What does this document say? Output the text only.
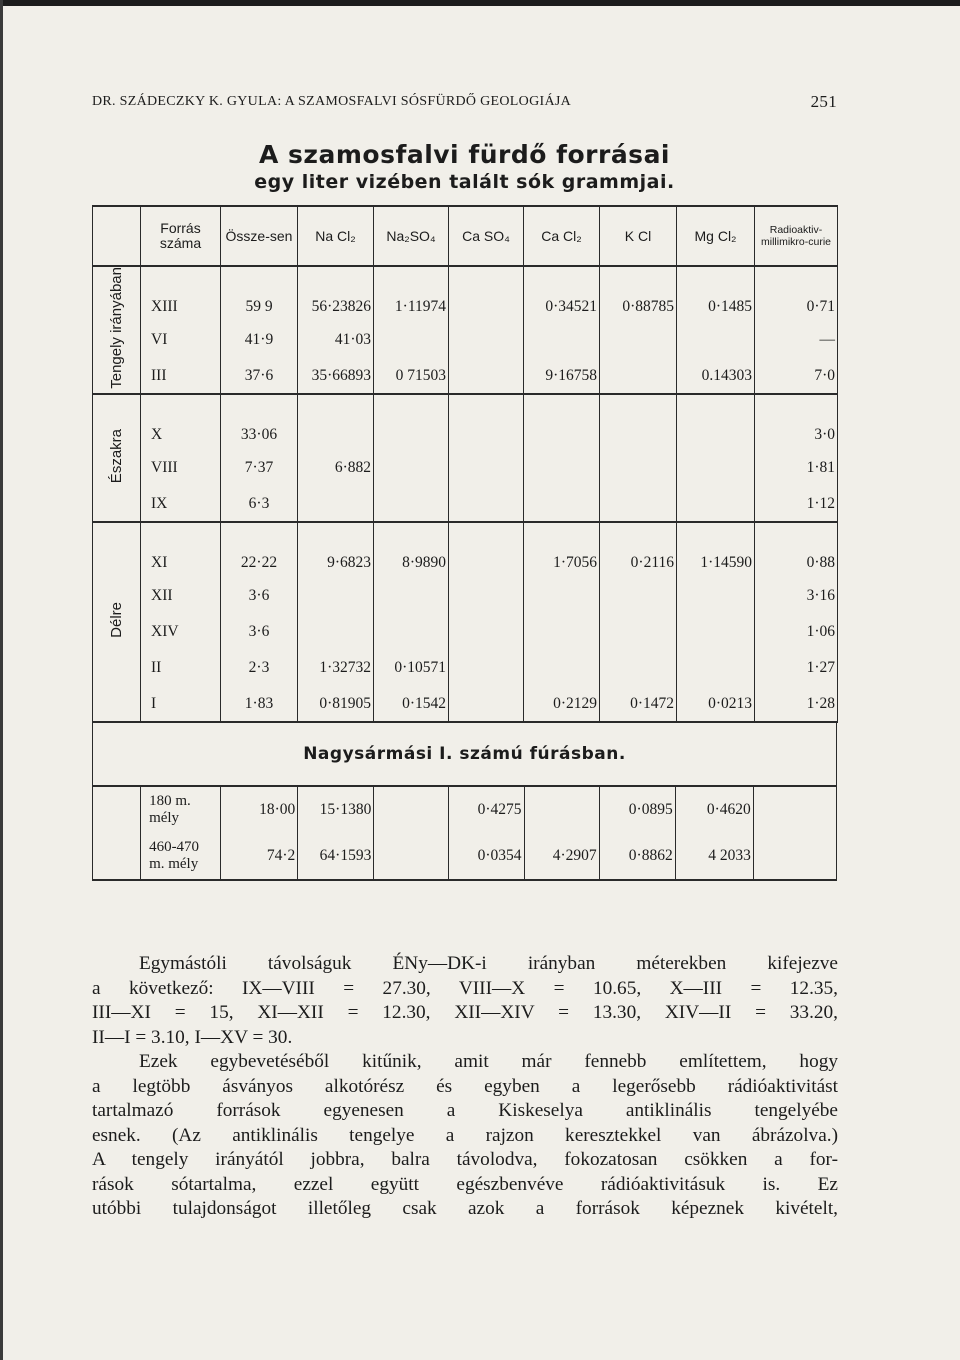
DR. SZÁDECZKY K. GYULA: A SZAMOSFALVI SÓSFÜRDŐ GEOLOGIÁJA	251
A szamosfalvi fürdő forrásai
egy liter vizében talált sók grammjai.
	Forrás száma	Össze-sen	Na Cl₂	Na₂SO₄	Ca SO₄	Ca Cl₂	K Cl	Mg Cl₂	Radioaktiv-millimikro-curie
Tengely irányában	XIII	59 9	56·23826	1·11974		0·34521	0·88785	0·1485	0·71
	VI	41·9	41·03						—
	III	37·6	35·66893	0 71503		9·16758		0.14303	7·0
Északra	X	33·06							3·0
	VIII	7·37	6·882						1·81
	IX	6·3							1·12
Délre	XI	22·22	9·6823	8·9890		1·7056	0·2116	1·14590	0·88
	XII	3·6							3·16
	XIV	3·6							1·06
	II	2·3	1·32732	0·10571					1·27
	I	1·83	0·81905	0·1542		0·2129	0·1472	0·0213	1·28
Nagysármási I. számú fúrásban.
	180 m. mély	18·00	15·1380		0·4275		0·0895	0·4620	
	460-470 m. mély	74·2	64·1593		0·0354	4·2907	0·8862	4 2033	
Egymástóli távolságuk ÉNy—DK-i irányban méterekben kifejezve
a következő: IX—VIII = 27.30, VIII—X = 10.65, X—III = 12.35,
III—XI = 15, XI—XII = 12.30, XII—XIV = 13.30, XIV—II = 33.20,
II—I = 3.10, I—XV = 30.
Ezek egybevetéséből kitűnik, amit már fennebb említettem, hogy
a legtöbb ásványos alkotórész és egyben a legerősebb rádióaktivitást
tartalmazó források egyenesen a Kiskeselya antiklinális tengelyébe
esnek. (Az antiklinális tengelye a rajzon keresztekkel van ábrázolva.)
A tengely irányától jobbra, balra távolodva, fokozatosan csökken a for-
rások sótartalma, ezzel együtt egészbenvéve rádióaktivitásuk is. Ez
utóbbi tulajdonságot illetőleg csak azok a források képeznek kivételt,
